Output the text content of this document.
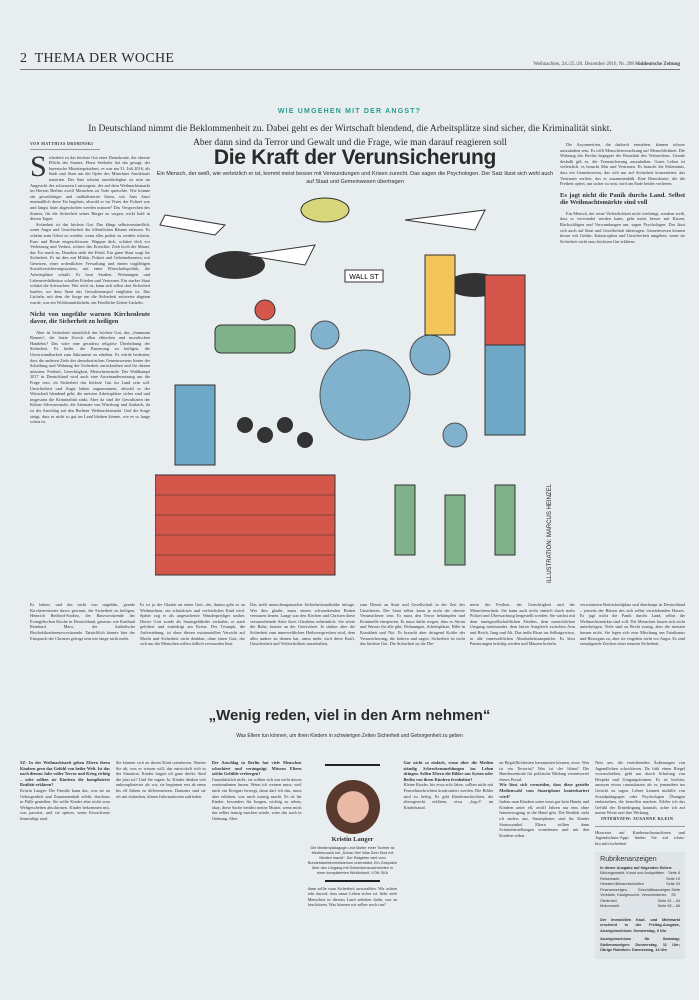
2 THEMA DER WOCHE	Weihnachten, 24./25./26. Dezember 2016, Nr. 298 Süddeutsche Zeitung
WIE UMGEHEN MIT DER ANGST?
In Deutschland nimmt die Beklommenheit zu. Dabei geht es der Wirtschaft blendend, die Arbeitsplätze sind sicher, die Kriminalität sinkt. Aber dann sind da Terror und Gewalt und die Frage, wie man darauf reagieren soll
VON MATTHIAS DROBINSKI
S icherheit ist das höchste Gut einer Demokratie, die oberste Pflicht des Staates. Horst Seehofer hat das gesagt, der bayerische Ministerpräsident, es war am 31. Juli 2016, als Stadt und Staat um die Opfer des Münchner Amoklaufs trauerten. Der Satz scheint unwiderlegbar zu sein im Angesicht des schwarzen Lastwagens, der auf dem Weihnachtsmarkt im Herzen Berlins zwölf Menschen zu Tode quetschte. Wie könnte ein gewalttätiger und radikalisierter Islam, wie Anis Amri mutmaßlich diese Tat begehen, obwohl er im Visier der Polizei war und längst hätte abgeschoben werden müssen? Das Versprechen des Staates, für die Sicherheit seiner Bürger zu sorgen, wirkt hohl in diesen Tagen.

Sicherheit ist das höchste Gut. Das klingt selbstverständlich, wenn Angst und Unsicherheit die öffentlichen Räume erfassen. Es scheint zum Gebot zu werden, wenn alles prekär zu werden scheint, Euro und Rente eingeschlossen. Wappne dich, schütze dich vor Verletzung und Verlust, sichere das Erreichte. Zieh hoch die Mauer, das Tor mach zu. Draußen steht der Feind. Ein guter Staat sorgt für Sicherheit. Er tut dies mit Militär, Polizei und Geheimdiensten, mit Gesetzen, einer ordentlichen Verwaltung und einem tragfähigen Sozialversicherungssystem, mit einer Wirtschaftspolitik, die Arbeitsplätze schafft. Er baut Straßen, Wohnungen und Lebensverhältnisse schaffen Frieden und Vertrauen. Ein starker Staat schützt die Schwachen. Wer reich ist, kann sich selbst dort Sicherheit kaufen, wo dem Staat das Gewaltmonopol entglitten ist. Das Lächeln, mit dem die Sorge um die Sicherheit zeitweise abgetan wurde, war ein Wohlstandslächeln, ein Friedliche-Zeiten-Lächeln.

Nicht von ungefähr warnen Kirchenleute davor, die Sicherheit zu heiligen

Aber ist Sicherheit tatsächlich das höchste Gut, das „Summum Bonum“, der letzte Zweck allen ethischen und moralischen Handelns? Das wäre eine geradezu religiöse Überhöhung der Sicherheit. Es hieße, die Panzerung zu heiligen, die Unverwundbarkeit zum Sakrament zu erheben. Es würde bedeuten, dass die anderen Ziele des demokratischen Gemeinwesens hinter der Schaffung und Wahrung der Sicherheit zurückstehen und ihr dienen müssten: Freiheit, Gerechtigkeit, Menschenwürde. Der Wahlkampf 2017 in Deutschland wird auch eine Auseinandersetzung um die Frage sein, ob Sicherheit das höchste Gut im Land sein soll. Unsicherheit und Angst haben zugenommen, obwohl es der Wirtschaft blendend geht, die meisten Arbeitsplätze sicher sind und insgesamt die Kriminalität sinkt. Aber da sind die Gewalttaten der Kölner Silvesternacht, die Attentate von Würzburg und Ansbach, da ist der Anschlag auf den Berliner Weihnachtsmarkt. Und die Sorge steigt, dass es nicht so gut im Land bleiben könnte, wie es so lange schon ist.

Die Kraft der Verunsicherung
Ein Mensch, der weiß, wie verletzlich er ist, kommt meist besser mit Verwundungen und Krisen zurecht. Das sagen die Psychologen. Der Satz lässt sich wohl auch auf Staat und Gemeinwesen übertragen
WALL ST
ILLUSTRATION: MARCUS HEINZEL

Die Asymmetrien, die dadurch entstehen, können schwer auszuhalten sein. Es trifft Menschenverachtung auf Menschlichkeit. Die Wahrung des Rechts begegnet der Brutalität des Verbrechens. Gerade deshalb gilt es, die Verunsicherung auszuhalten. Gutes Leben ist verletzlich, es braucht Mut und Vertrauen. Es braucht die Erkenntnis, dass ein Gemeinwesen, das sich nur auf Sicherheit konzentriert, das Vertrauen verliert, das es zusammenhält. Eine Demokratie, die die Freiheit opfert, um sicher zu sein, wird am Ende beides verlieren.

Es jagt nicht die Panik durchs Land. Selbst die Weihnachtsmärkte sind voll

Ein Mensch, der seine Verletzlichkeit nicht verdrängt, sondern weiß, dass er verwundet werden kann, geht meist besser mit Krisen, Rückschlägen und Verwundungen um, sagen Psychologen. Das lässt sich auch auf Staat und Gesellschaft übertragen. Gemeinwesen können besser mit Gefahr, Katastrophen und Unsicherheit umgehen, wenn sie Sicherheit nicht zum höchsten Gut erklären.

Es haben, und das nicht von ungefähr, gerade Kirchenvertreter davor gewarnt, die Sicherheit zu heiligen, Heinrich Bedford-Strohm, der Ratsvorsitzende der Evangelischen Kirche in Deutschland, genauso wie Kardinal Reinhard Marx, der katholische Bischofskonferenzvorsitzende. Tatsächlich könnte hier der Einspruch der Christen gefragt sein wie lange nicht mehr.
Es ist ja der Glaube an einen Gott, der, darum geht es an Weihnachten, ein schutzloses und verletzliches Kind wird. Später zog er als ungesicherter Wanderprediger umher. Dieser Gott wurde als Staatsgefährder verhaftet; er starb gefoltert und erniedrigt am Kreuz. Der Triumph, die Auferstehung, ist ohne diesen existenziellen Verzicht auf Macht und Sicherheit nicht denkbar, ohne einen Gott, der sich um der Menschen willen tödlich verwunden lässt.
Das stellt menschengemachte Sicherheitsmaßstäbe infrage. Wer dies glaubt, muss einem schwankenden Boden vertrauen lernen. Lange war den Kirchen und Christen diese verunsichernde Seite ihres Glaubens unheimlich. Sie störte die Ruhe, kratzte an der Gewissheit. Je stärker aber die Sicherheit zum innerweltlichen Heilsversprechen wird, dem alles andere zu dienen hat, umso mehr wird diese Kraft, Unsicherheit und Verletzlichkeit auszuhalten,
zum Dienst an Staat und Gesellschaft in der Zeit des Unsicheren. Der Staat selber kann ja nicht der oberste Verunsicherer sein. Er muss den Terror bekämpfen und Kriminelle einsperren. Er muss dafür sorgen, dass es Strom und Wasser für alle gibt, Wohnungen, Arbeitsplätze, Hilfe in Krankheit und Not. Er braucht aber dringend Kräfte der Verunsicherung, die bohren und sagen: Sicherheit ist nicht das höchste Gut. Die Sicherheit ist die Die-
nerin der Freiheit, der Gerechtigkeit und der Menschenwürde. Sie kann auch nicht einfach durch mehr Polizei und Überwachung hergestellt werden. Sie wächst mit dem innergesellschaftlichen Frieden, dem menschlichen Umgang miteinander, dem fairen Ausgleich zwischen Arm und Reich, Jung und Alt. Das treibt Risse ins Selbstgewisse, in alle innerweltlichen Absolutheitsansprüche. Es lässt Panzerungen brüchig werden und Mauern bröseln.
verwaisteten Breitscheidplatz und überhaupt in Deutschland – jenseits der Blasen des sich selbst verstärkenden Hasses. Es jagt nicht die Panik durchs Land, selbst die Weihnachtsmärkte sind voll. Die Menschen lassen sich nicht unterkriegen. Viele sind zu Recht zornig, aber die meisten hassen nicht. Sie legen sich eine Mischung aus Fatalismus und Besorgnis zu, aber sie vergehen nicht vor Angst. Es sind ermutigende Zeichen einer inneren Sicherheit.
„Wenig reden, viel in den Arm nehmen“
Was Eltern tun können, um ihren Kindern in schwierigen Zeiten Sicherheit und Geborgenheit zu geben

SZ: In der Weihnachtszeit geben Eltern ihren Kindern gern das Gefühl von heiler Welt. Ist das nach diesem Jahr voller Terror und Krieg richtig – oder sollten sie Kindern die komplizierte Realität erklären?

Kristin Langer: Die Familie kann das, was sie an Geborgenheit und Zusammenhalt erlebt, durchaus in Fülle genießen. Sie sollte Kinder aber nicht vom Weltgeschehen abschirmen. Kinder bekommen mit, was passiert, und sie spüren, wenn Erwachsene beunruhigt sind.

Sie können sich an ihrem Kind orientieren. Warten Sie ab, was es wissen will, das entwickelt sich in der Situation. Kinder fragen oft ganz direkt: Sind die jetzt tot? Und Sie sagen: Ja. Kinder denken viel unkomplizierter als wir, sie beginnen erst ab neun bis elf Jahren zu differenzieren. Darunter sind sie oft mit einfachen, klaren Informationen zufrieden.

Der Anschlag in Berlin hat viele Menschen schockiert und verängstigt. Müssen Eltern solche Gefühle verbergen?

Grundsätzlich nicht, sie sollten sich nur nicht davon vereinnahmen lassen. Wenn ich weinen muss, weil mich ein Ereignis bewegt, dann darf ich das, muss aber erklären, was mich traurig macht. Es ist für Kinder, besonders für Jungen, wichtig zu sehen, okay, diese Sache berührt meine Mutter, wenn mich das selber traurig machen würde, wäre das auch in Ordnung. Aber

Kristin Langer
Die Medienpädagogin und Mutter einer Tochter ist Mediencoach bei „Schau Hin! Was Dein Kind mit Medien macht“. Der Ratgeber wird vom Bundesfamilienministerium unterstützt. Ein Gespräch über den Umgang mit Schreckensnachrichten in einer komplizierten Wirklichkeit. VON SKA

dann sollte man Sicherheit ausstrahlen. Wir achten sehr darauf, dass unser Leben sicher ist. Sehr viele Menschen in diesem Land arbeiten dafür, uns zu beschützen. Was können wir selber noch tun?

Gar nicht so einfach, wenn über die Medien ständig Schreckensmeldungen ins Leben dringen. Sollen Eltern die Bilder aus Syrien oder Berlin von ihren Kindern fernhalten?

Kleine Kinder, bis etwa acht Jahre, sollten nicht mit Fernsehnachrichten konfrontiert werden. Die Bilder sind zu heftig. Es gibt Kindernachrichten, die altersgerecht erklären, etwa „logo!“ im Kinderkanal.

an Begrifflichkeiten herantasten können, etwa: Was ist ein Terrorist? Was ist der Islam? Die Bundeszentrale für politische Bildung verantwortet dieses Portal.

Wie lässt sich vermeiden, dass diese gezielte Medienwahl vom Smartphone konterkariert wird?

Indem man Kindern unter neun gar kein Handy und Kindern unter elf, zwölf Jahren nur eins ohne Internetzugang in die Hand gibt. Die Realität sieht oft anders aus. Smartphones sind für Kinder Statussymbol. Eltern sollten dann Schutzeinstellungen vornehmen und mit den Kindern reden.

Netz um, die verächtenden Äußerungen von Jugendlichen schockieren. Da früh einen Riegel vorzuschieben, geht nur durch Schulung von Respekt und Umgangsformen. Es ist leichter, anonym etwas rauszuhauen als es jemandem ins Gesicht zu sagen. Lehrer können mithilfe von Sozialpädagogen oder Psychologen Übungen einbeziehen, die betroffen machen. Erlebe ich das Gefühl der Erniedrigung hautnah, achte ich auf meine Worte und ihre Wirkung.

INTERVIEW: SUSANNE KLEIN

Hinweise auf Kindersuchmaschinen und Jugendschutz-Apps finden Sie auf schau-hin.info/sicherheit

Rubrikenanzeigen
In dieser Ausgabe auf folgenden Seiten:
Bildungsmarkt, Kunst und Antiquitäten Seite 8
Reisemarkt	Seite 19
Heiraten/Bekanntschaften	Seite 20
Finanzanzeigen, Geschäftsanzeigen, Verkäufe, Kaufgesuche, Verschiedenes
Seite 25
Stellenteil	Seite 61 – 64
Motormarkt	Seite 65 – 66
Der Immobilien Kauf- und Mietmarkt erscheint in der Freitag-Ausgabe, Anzeigenschluss: Donnerstag, 9 Uhr
Anzeigenschluss für Samstag: Stellenanzeigen: Donnerstag, 11 Uhr; Übrige Rubriken: Donnerstag, 14 Uhr
